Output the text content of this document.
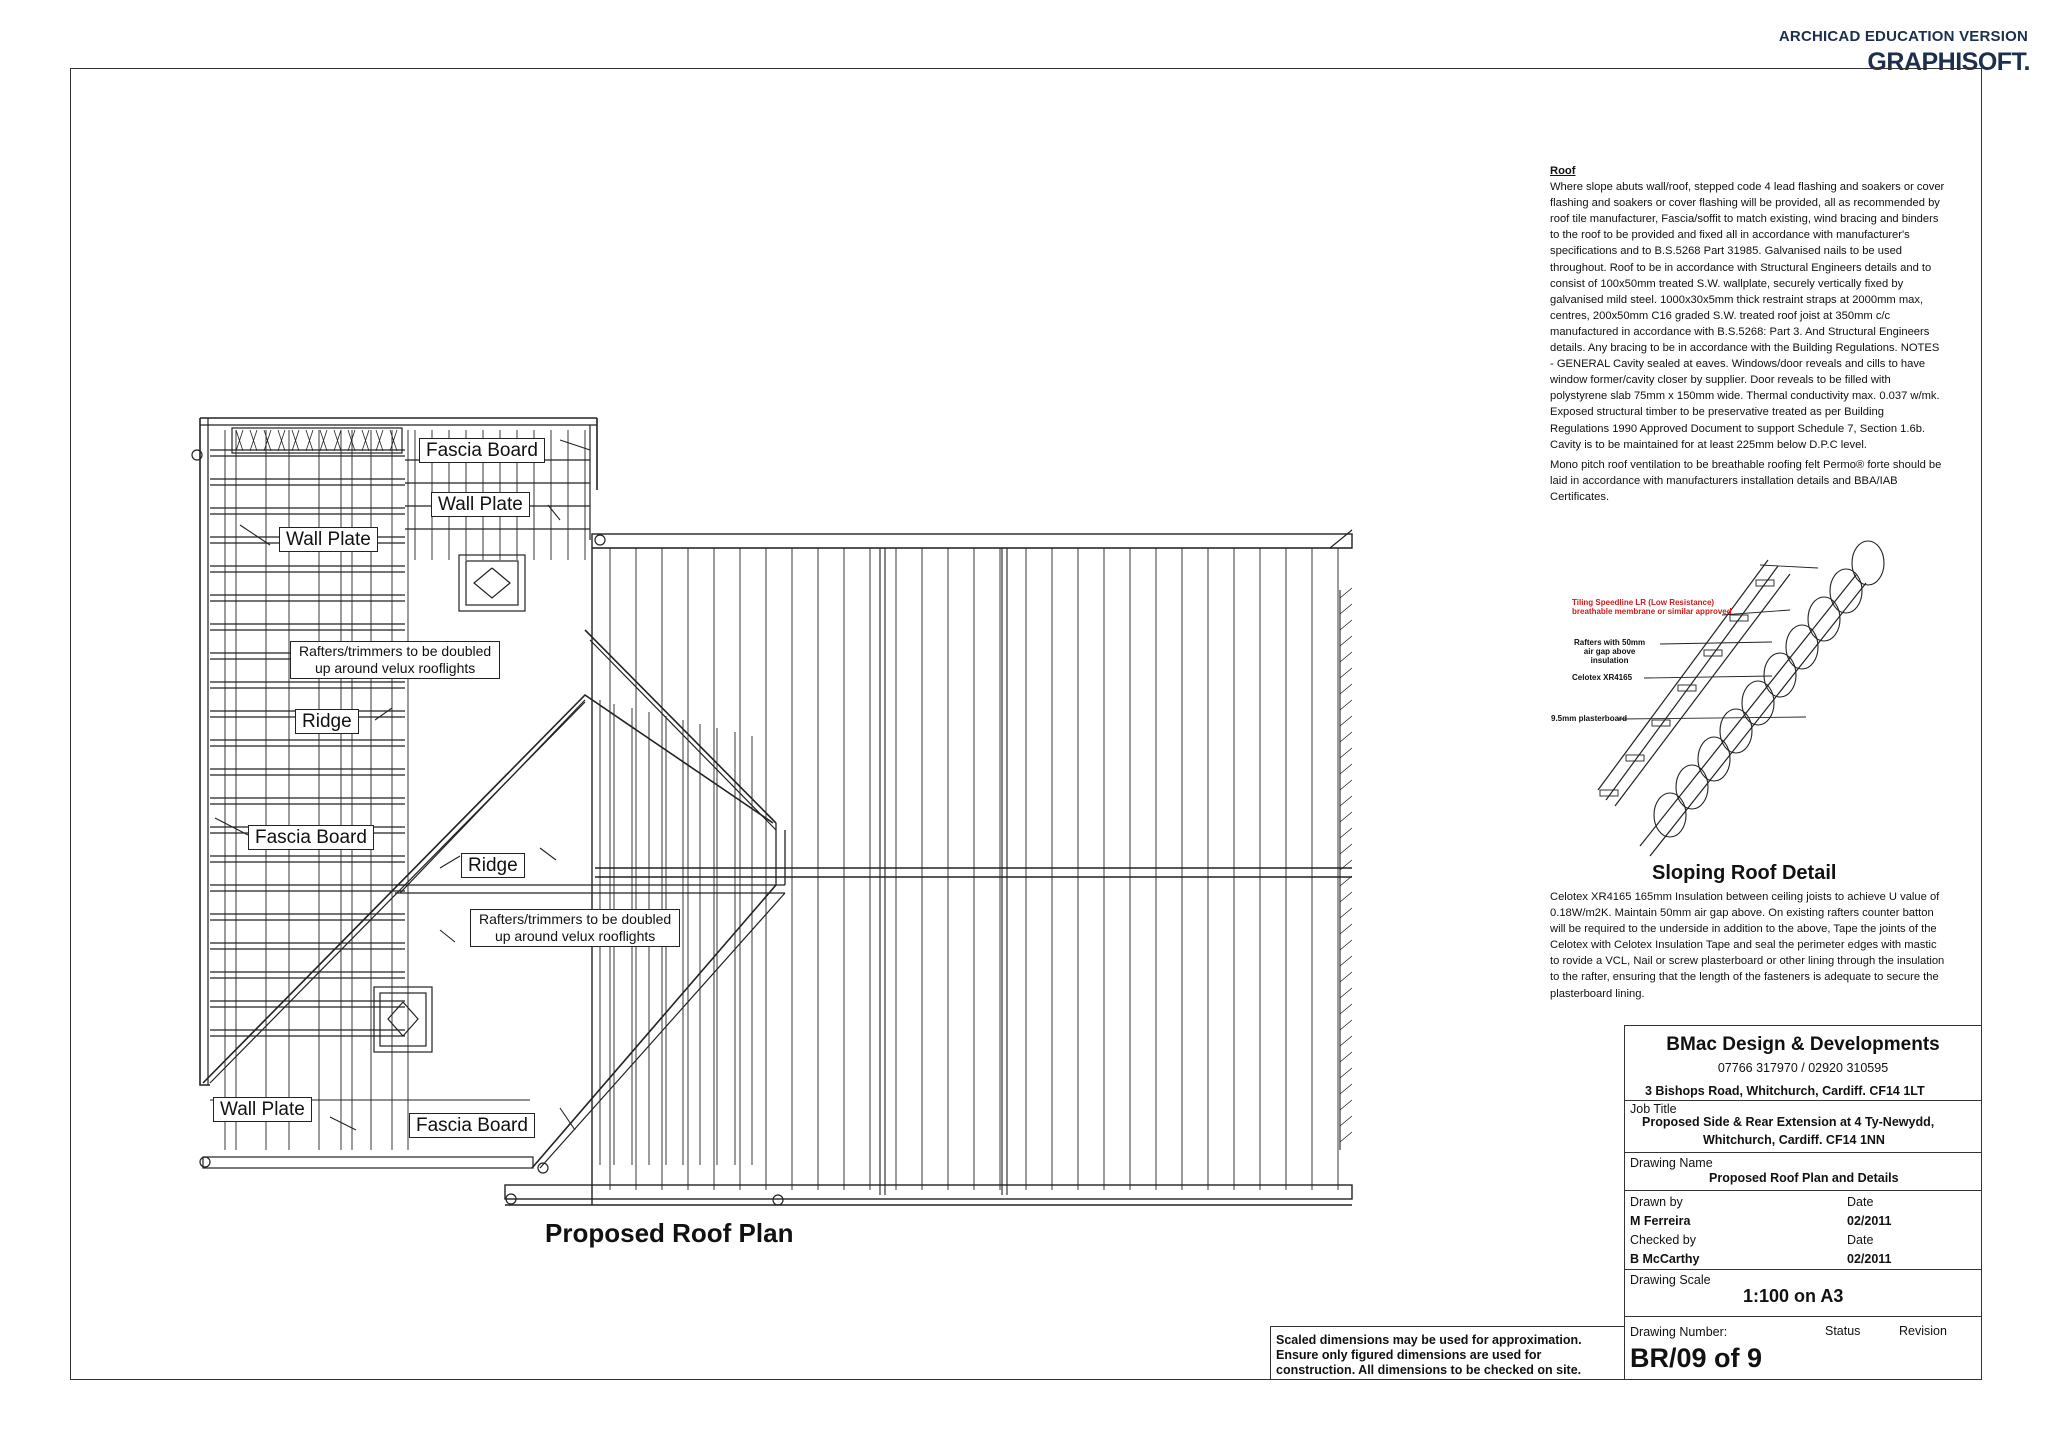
ARCHICAD EDUCATION VERSION
GRAPHISOFT.
Fascia Board
Wall Plate
Wall Plate
Rafters/trimmers to be doubled
up around velux rooflights
Ridge
Fascia Board
Ridge
Rafters/trimmers to be doubled
up around velux rooflights
Wall Plate
Fascia Board
Proposed Roof Plan
Roof

Where slope abuts wall/roof, stepped code 4 lead flashing and soakers or cover flashing and soakers or cover flashing will be provided, all as recommended by roof tile manufacturer, Fascia/soffit to match existing, wind bracing and binders to the roof to be provided and fixed all in accordance with manufacturer's specifications and to B.S.5268 Part 31985. Galvanised nails to be used throughout. Roof to be in accordance with Structural Engineers details and to consist of 100x50mm treated S.W. wallplate, securely vertically fixed by galvanised mild steel. 1000x30x5mm thick restraint straps at 2000mm max, centres, 200x50mm C16 graded S.W. treated roof joist at 350mm c/c manufactured in accordance with B.S.5268: Part 3. And Structural Engineers details. Any bracing to be in accordance with the Building Regulations. NOTES - GENERAL Cavity sealed at eaves. Windows/door reveals and cills to have window former/cavity closer by supplier. Door reveals to be filled with polystyrene slab 75mm x 150mm wide. Thermal conductivity max. 0.037 w/mk. Exposed structural timber to be preservative treated as per Building Regulations 1990 Approved Document to support Schedule 7, Section 1.6b. Cavity is to be maintained for at least 225mm below D.P.C level.

Mono pitch roof ventilation to be breathable roofing felt Permo® forte should be laid in accordance with manufacturers installation details and BBA/IAB Certificates.

Tiling Speedline LR (Low Resistance)
breathable membrane or similar approved
Rafters with 50mm
air gap above
insulation
Celotex XR4165
9.5mm plasterboard
Sloping Roof Detail
Celotex XR4165 165mm Insulation between ceiling joists to achieve U value of 0.18W/m2K. Maintain 50mm air gap above. On existing rafters counter batton will be required to the underside in addition to the above, Tape the joints of the Celotex with Celotex Insulation Tape and seal the perimeter edges with mastic to rovide a VCL, Nail or screw plasterboard or other lining through the insulation to the rafter, ensuring that the length of the fasteners is adequate to secure the plasterboard lining.
Scaled dimensions may be used for approximation.
Ensure only figured dimensions are used for
construction. All dimensions to be checked on site.
BMac Design & Developments
07766 317970 / 02920 310595
3 Bishops Road, Whitchurch, Cardiff. CF14 1LT
Job Title
Proposed Side & Rear Extension at 4 Ty-Newydd,
Whitchurch, Cardiff. CF14 1NN
Drawing Name
Proposed Roof Plan and Details
Drawn by	Date
M Ferreira	02/2011
Checked by	Date
B McCarthy	02/2011
Drawing Scale
1:100 on A3
Drawing Number:	Status	Revision
BR/09 of 9
